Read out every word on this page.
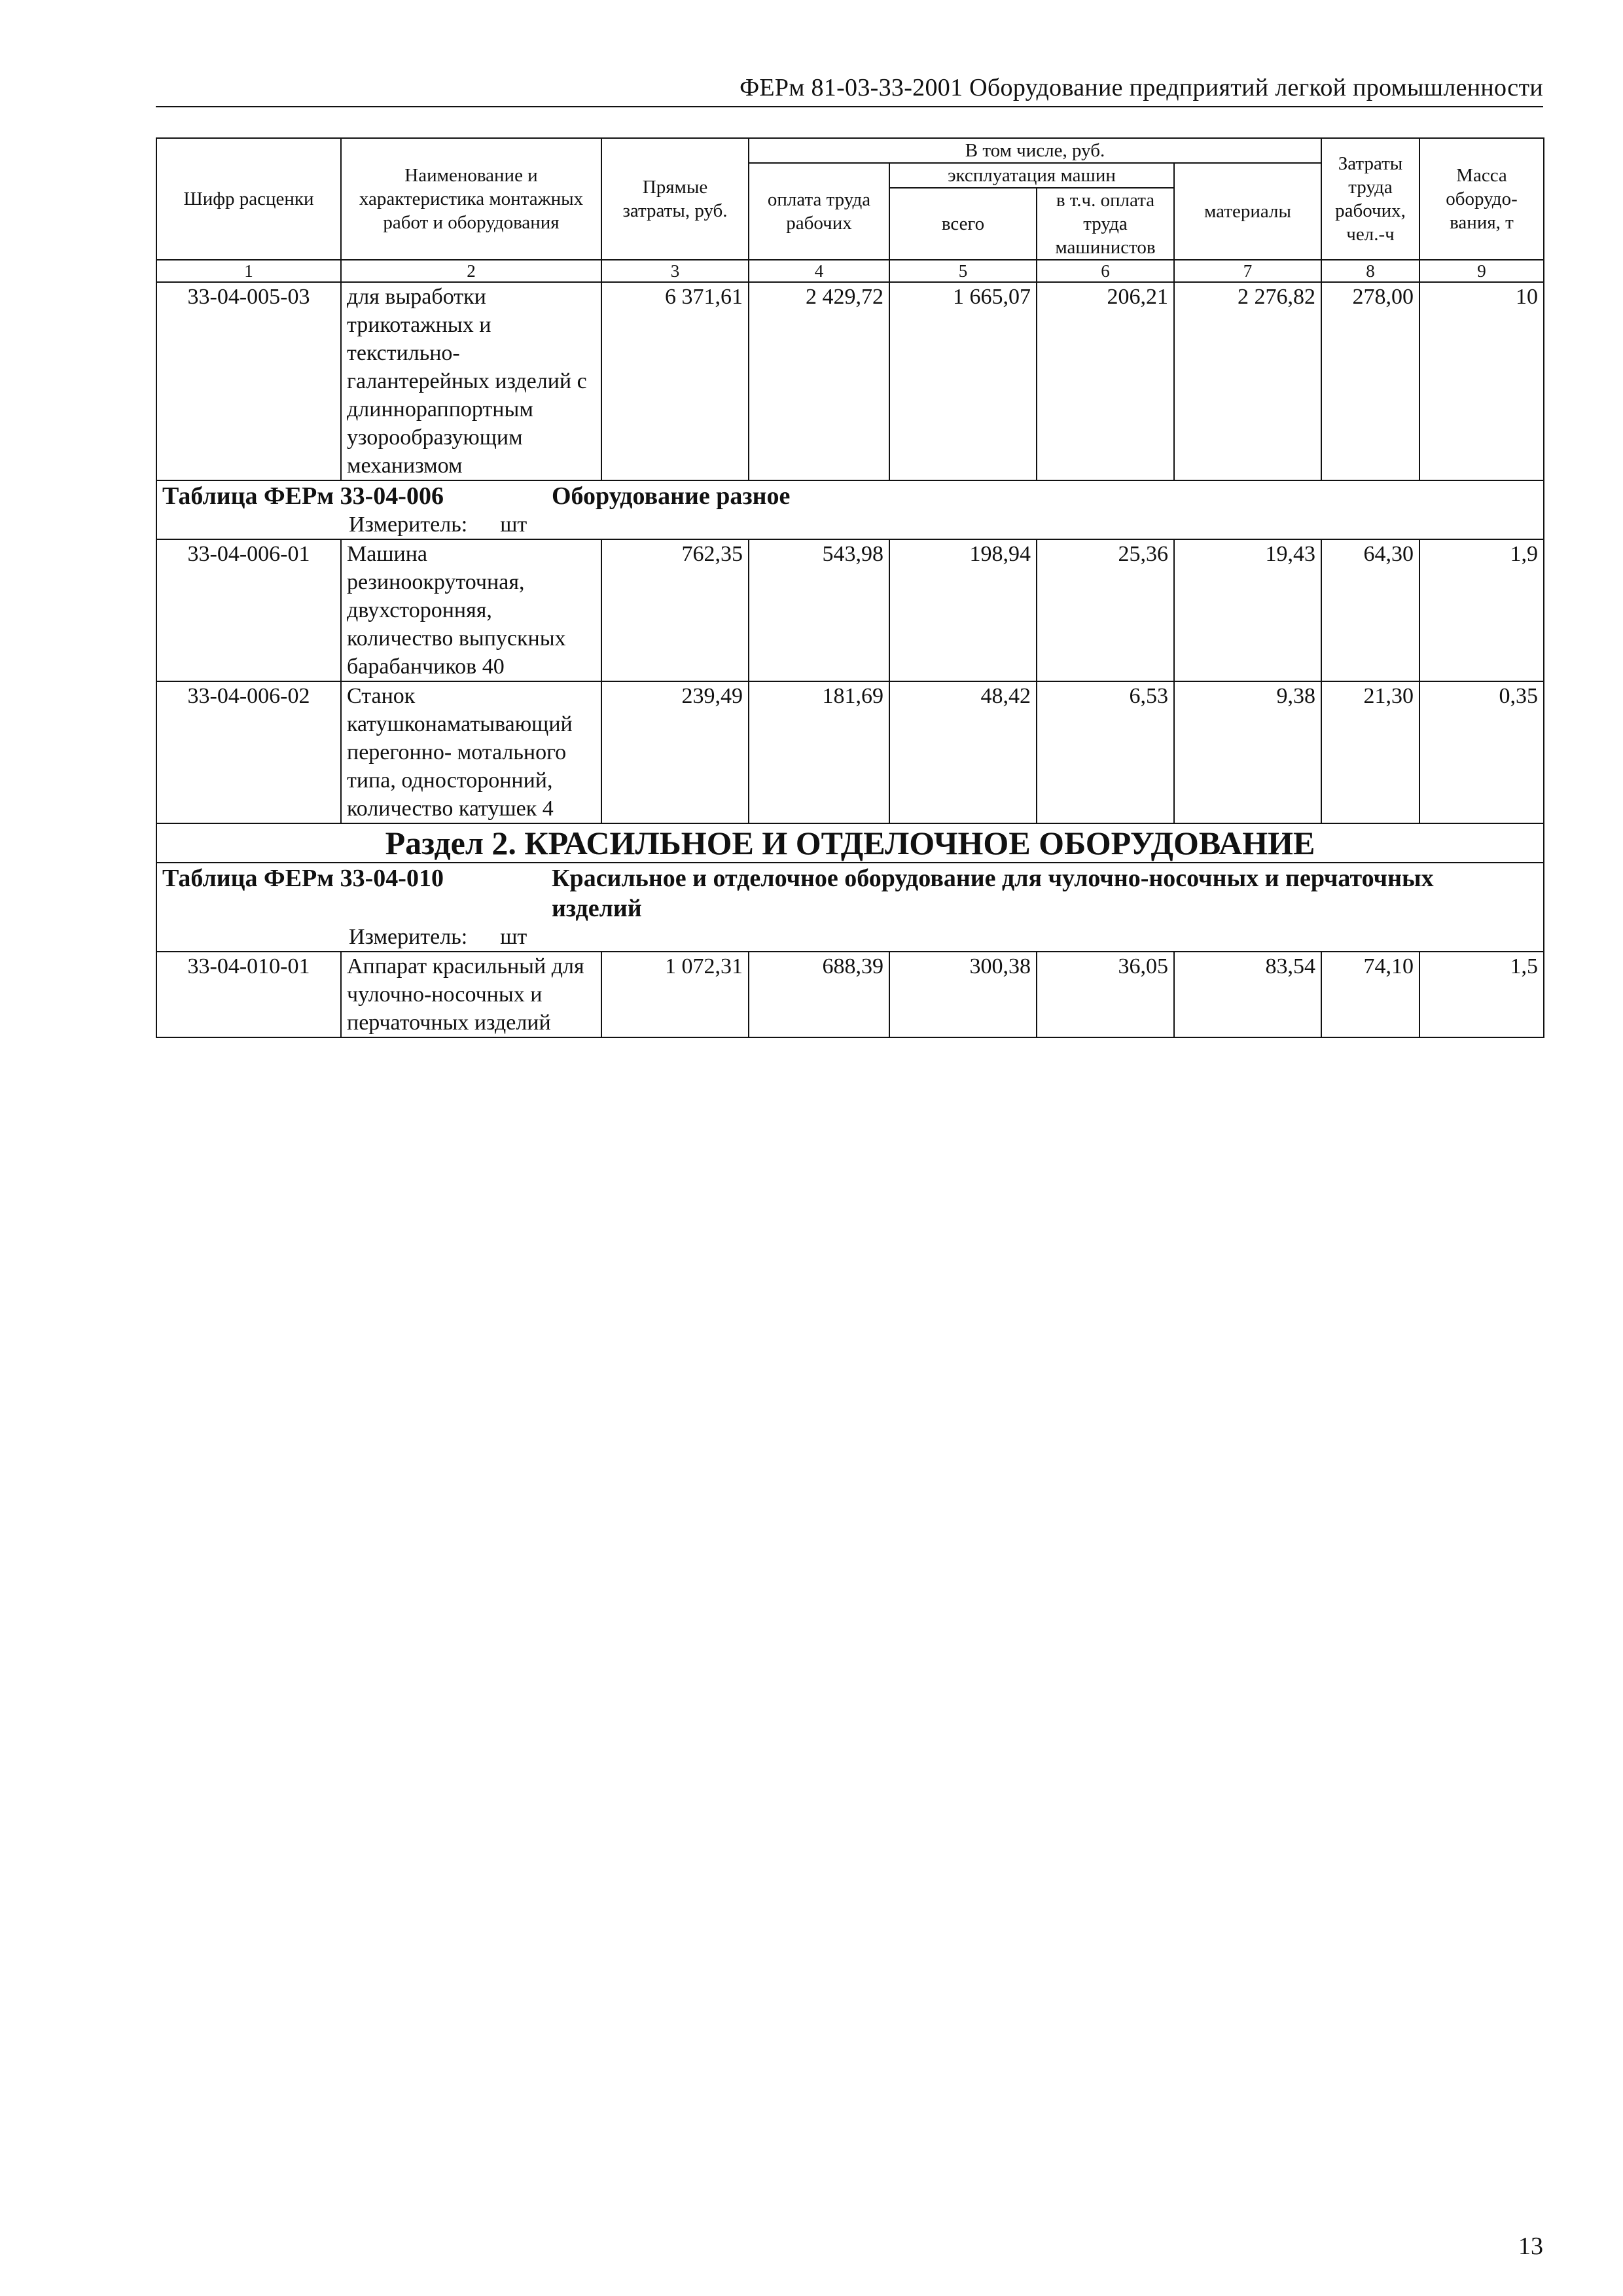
ФЕРм 81-03-33-2001 Оборудование предприятий легкой промышленности
Шифр расценки	Наименование и характеристика монтажных работ и оборудования	Прямые затраты, руб.	В том числе, руб.				Затраты труда рабочих, чел.-ч	Масса оборудо- вания, т
			оплата труда рабочих	эксплуатация машин		материалы		
				всего	в т.ч. оплата труда машинистов			
1	2	3	4	5	6	7	8	9
33-04-005-03	для выработки трикотажных и текстильно- галантерейных изделий с длиннораппортным узорообразующим механизмом	6 371,61	2 429,72	1 665,07	206,21	2 276,82	278,00	10
Таблица ФЕРм 33-04-006 Оборудование разное
Измеритель: шт								

33-04-006-01	Машина резиноокруточная, двухсторонняя, количество выпускных барабанчиков 40	762,35	543,98	198,94	25,36	19,43	64,30	1,9
33-04-006-02	Станок катушконаматывающий перегонно- мотального типа, односторонний, количество катушек 4	239,49	181,69	48,42	6,53	9,38	21,30	0,35
Раздел 2. КРАСИЛЬНОЕ И ОТДЕЛОЧНОЕ ОБОРУДОВАНИЕ								
Таблица ФЕРм 33-04-010 Красильное и отделочное оборудование для чулочно-носочных и перчаточных изделий
Измеритель: шт								

33-04-010-01	Аппарат красильный для чулочно-носочных и перчаточных изделий	1 072,31	688,39	300,38	36,05	83,54	74,10	1,5
13
